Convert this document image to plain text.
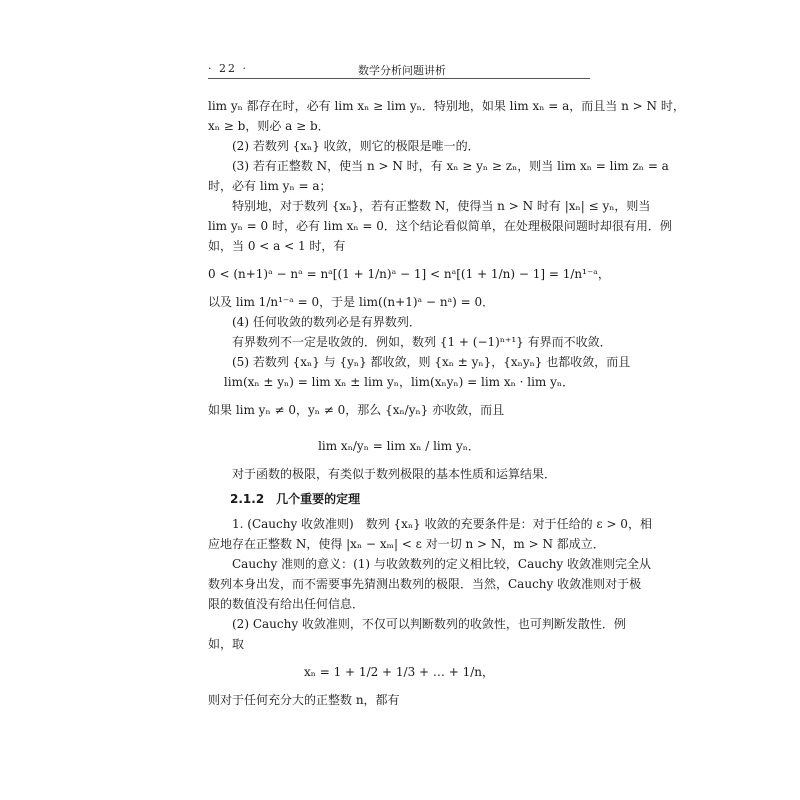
· 22 ·	数学分析问题讲析
lim yₙ 都存在时，必有 lim xₙ ≥ lim yₙ．特别地，如果 lim xₙ = a，而且当 n > N 时，
xₙ ≥ b，则必 a ≥ b．
(2) 若数列 {xₙ} 收敛，则它的极限是唯一的．
(3) 若有正整数 N，使当 n > N 时，有 xₙ ≥ yₙ ≥ zₙ，则当 lim xₙ = lim zₙ = a
时，必有 lim yₙ = a；
特别地，对于数列 {xₙ}，若有正整数 N，使得当 n > N 时有 |xₙ| ≤ yₙ，则当
lim yₙ = 0 时，必有 lim xₙ = 0．这个结论看似简单，在处理极限问题时却很有用．例
如，当 0 < a < 1 时，有
0 < (n+1)ᵃ − nᵃ = nᵃ[(1 + 1/n)ᵃ − 1] < nᵃ[(1 + 1/n) − 1] = 1/n¹⁻ᵃ，
以及 lim 1/n¹⁻ᵃ = 0，于是 lim((n+1)ᵃ − nᵃ) = 0．
(4) 任何收敛的数列必是有界数列．
有界数列不一定是收敛的．例如，数列 {1 + (−1)ⁿ⁺¹} 有界而不收敛．
(5) 若数列 {xₙ} 与 {yₙ} 都收敛，则 {xₙ ± yₙ}，{xₙyₙ} 也都收敛，而且
lim(xₙ ± yₙ) = lim xₙ ± lim yₙ，lim(xₙyₙ) = lim xₙ · lim yₙ．
如果 lim yₙ ≠ 0，yₙ ≠ 0，那么 {xₙ/yₙ} 亦收敛，而且
lim xₙ/yₙ = lim xₙ / lim yₙ．
对于函数的极限，有类似于数列极限的基本性质和运算结果．
2.1.2　几个重要的定理
1. (Cauchy 收敛准则)　数列 {xₙ} 收敛的充要条件是：对于任给的 ε > 0，相
应地存在正整数 N，使得 |xₙ − xₘ| < ε 对一切 n > N，m > N 都成立．
Cauchy 准则的意义：(1) 与收敛数列的定义相比较，Cauchy 收敛准则完全从
数列本身出发，而不需要事先猜测出数列的极限．当然，Cauchy 收敛准则对于极
限的数值没有给出任何信息．
(2) Cauchy 收敛准则，不仅可以判断数列的收敛性，也可判断发散性．例
如，取
xₙ = 1 + 1/2 + 1/3 + … + 1/n，
则对于任何充分大的正整数 n，都有
